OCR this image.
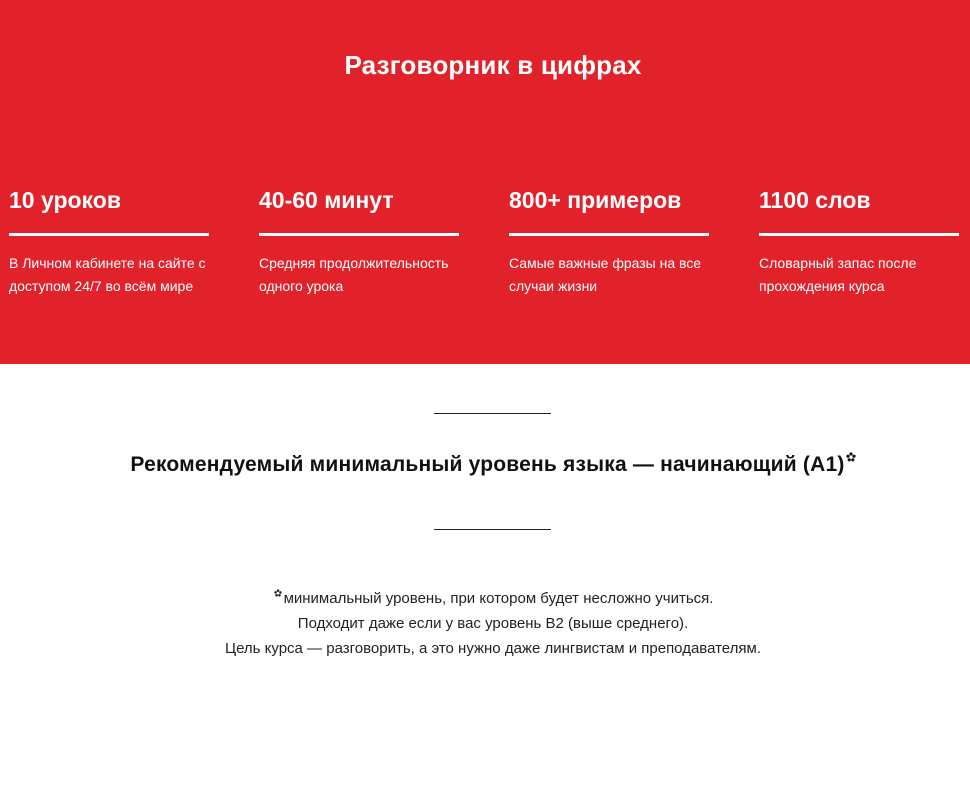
Разговорник в цифрах
10 уроков

В Личном кабинете на сайте с доступом 24/7 во всём мире

40-60 минут

Средняя продолжительность одного урока

800+ примеров

Самые важные фразы на все случаи жизни

1100 слов

Словарный запас после прохождения курса

Рекомендуемый минимальный уровень языка — начинающий (А1)

минимальный уровень, при котором будет несложно учиться.

Подходит даже если у вас уровень B2 (выше среднего).

Цель курса — разговорить, а это нужно даже лингвистам и преподавателям.
